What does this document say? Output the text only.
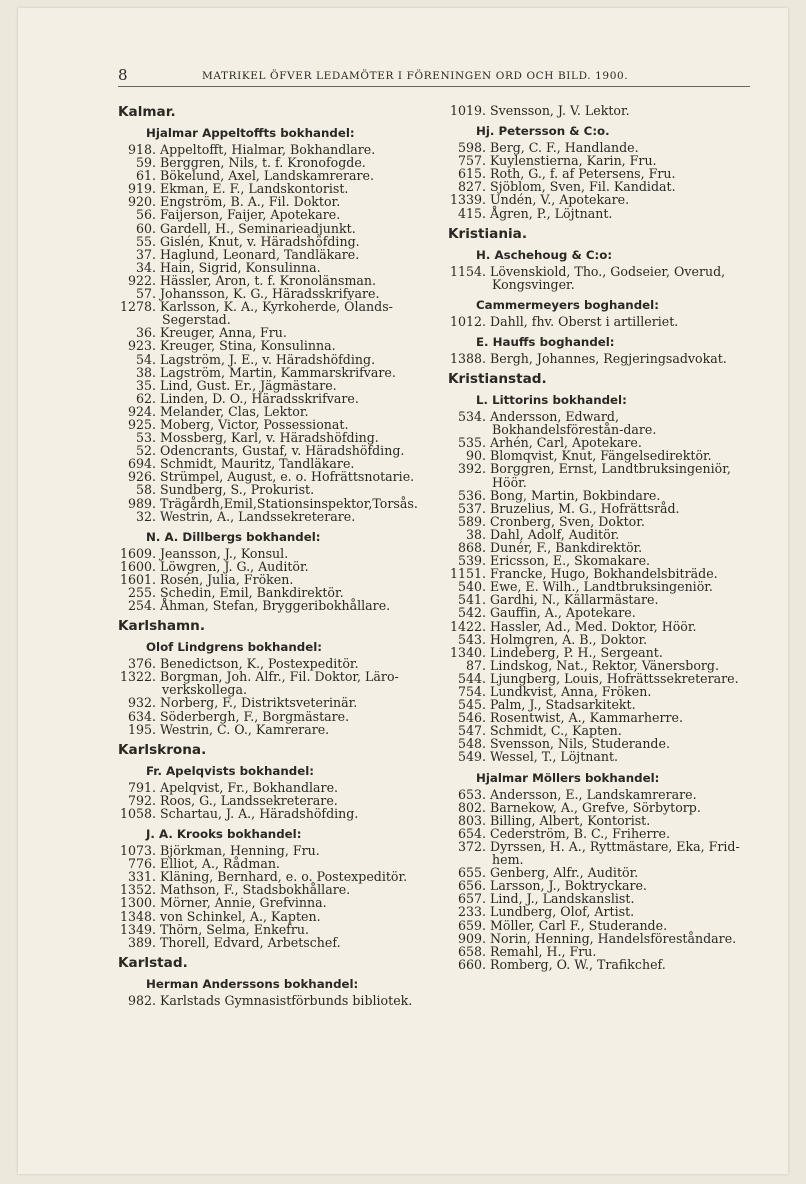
8	MATRIKEL ÖFVER LEDAMÖTER I FÖRENINGEN ORD OCH BILD. 1900.
Kalmar.
Hjalmar Appeltoffts bokhandel:
918. Appeltofft, Hialmar, Bokhandlare.
59. Berggren, Nils, t. f. Kronofogde.
61. Bökelund, Axel, Landskamrerare.
919. Ekman, E. F., Landskontorist.
920. Engström, B. A., Fil. Doktor.
56. Faijerson, Faijer, Apotekare.
60. Gardell, H., Seminarieadjunkt.
55. Gislén, Knut, v. Häradshöfding.
37. Haglund, Leonard, Tandläkare.
34. Hain, Sigrid, Konsulinna.
922. Hässler, Aron, t. f. Kronolänsman.
57. Johansson, K. G., Häradsskrifvare.
1278. Karlsson, K. A., Kyrkoherde, Ölands-Segerstad.
36. Kreuger, Anna, Fru.
923. Kreuger, Stina, Konsulinna.
54. Lagström, J. E., v. Häradshöfding.
38. Lagström, Martin, Kammarskrifvare.
35. Lind, Gust. Er., Jägmästare.
62. Linden, D. O., Häradsskrifvare.
924. Melander, Clas, Lektor.
925. Moberg, Victor, Possessionat.
53. Mossberg, Karl, v. Häradshöfding.
52. Odencrants, Gustaf, v. Häradshöfding.
694. Schmidt, Mauritz, Tandläkare.
926. Strümpel, August, e. o. Hofrättsnotarie.
58. Sundberg, S., Prokurist.
989. Trägårdh,Emil,Stationsinspektor,Torsås.
32. Westrin, A., Landssekreterare.
N. A. Dillbergs bokhandel:
1609. Jeansson, J., Konsul.
1600. Löwgren, J. G., Auditör.
1601. Rosén, Julia, Fröken.
255. Schedin, Emil, Bankdirektör.
254. Åhman, Stefan, Bryggeribokhållare.
Karlshamn.
Olof Lindgrens bokhandel:
376. Benedictson, K., Postexpeditör.
1322. Borgman, Joh. Alfr., Fil. Doktor, Läro-verkskollega.
932. Norberg, F., Distriktsveterinär.
634. Söderbergh, F., Borgmästare.
195. Westrin, C. O., Kamrerare.
Karlskrona.
Fr. Apelqvists bokhandel:
791. Apelqvist, Fr., Bokhandlare.
792. Roos, G., Landssekreterare.
1058. Schartau, J. A., Häradshöfding.
J. A. Krooks bokhandel:
1073. Björkman, Henning, Fru.
776. Elliot, A., Rådman.
331. Kläning, Bernhard, e. o. Postexpeditör.
1352. Mathson, F., Stadsbokhållare.
1300. Mörner, Annie, Grefvinna.
1348. von Schinkel, A., Kapten.
1349. Thörn, Selma, Enkefru.
389. Thorell, Edvard, Arbetschef.
Karlstad.
Herman Anderssons bokhandel:
982. Karlstads Gymnasistförbunds bibliotek.
1019. Svensson, J. V. Lektor.
Hj. Petersson & C:o.
598. Berg, C. F., Handlande.
757. Kuylenstierna, Karin, Fru.
615. Roth, G., f. af Petersens, Fru.
827. Sjöblom, Sven, Fil. Kandidat.
1339. Undén, V., Apotekare.
415. Ågren, P., Löjtnant.
Kristiania.
H. Aschehoug & C:o:
1154. Lövenskiold, Tho., Godseier, Overud, Kongsvinger.
Cammermeyers boghandel:
1012. Dahll, fhv. Oberst i artilleriet.
E. Hauffs boghandel:
1388. Bergh, Johannes, Regjeringsadvokat.
Kristianstad.
L. Littorins bokhandel:
534. Andersson, Edward, Bokhandelsförestån-dare.
535. Arhén, Carl, Apotekare.
90. Blomqvist, Knut, Fängelsedirektör.
392. Borggren, Ernst, Landtbruksingeniör, Höör.
536. Bong, Martin, Bokbindare.
537. Bruzelius, M. G., Hofrättsråd.
589. Cronberg, Sven, Doktor.
38. Dahl, Adolf, Auditör.
868. Dunér, F., Bankdirektör.
539. Ericsson, E., Skomakare.
1151. Francke, Hugo, Bokhandelsbiträde.
540. Ewe, E. Wilh., Landtbruksingeniör.
541. Gardhi, N., Källarmästare.
542. Gauffin, A., Apotekare.
1422. Hassler, Ad., Med. Doktor, Höör.
543. Holmgren, A. B., Doktor.
1340. Lindeberg, P. H., Sergeant.
87. Lindskog, Nat., Rektor, Vänersborg.
544. Ljungberg, Louis, Hofrättssekreterare.
754. Lundkvist, Anna, Fröken.
545. Palm, J., Stadsarkitekt.
546. Rosentwist, A., Kammarherre.
547. Schmidt, C., Kapten.
548. Svensson, Nils, Studerande.
549. Wessel, T., Löjtnant.
Hjalmar Möllers bokhandel:
653. Andersson, E., Landskamrerare.
802. Barnekow, A., Grefve, Sörbytorp.
803. Billing, Albert, Kontorist.
654. Cederström, B. C., Friherre.
372. Dyrssen, H. A., Ryttmästare, Eka, Frid-hem.
655. Genberg, Alfr., Auditör.
656. Larsson, J., Boktryckare.
657. Lind, J., Landskanslist.
233. Lundberg, Olof, Artist.
659. Möller, Carl F., Studerande.
909. Norin, Henning, Handelsföreståndare.
658. Remahl, H., Fru.
660. Romberg, O. W., Trafikchef.
